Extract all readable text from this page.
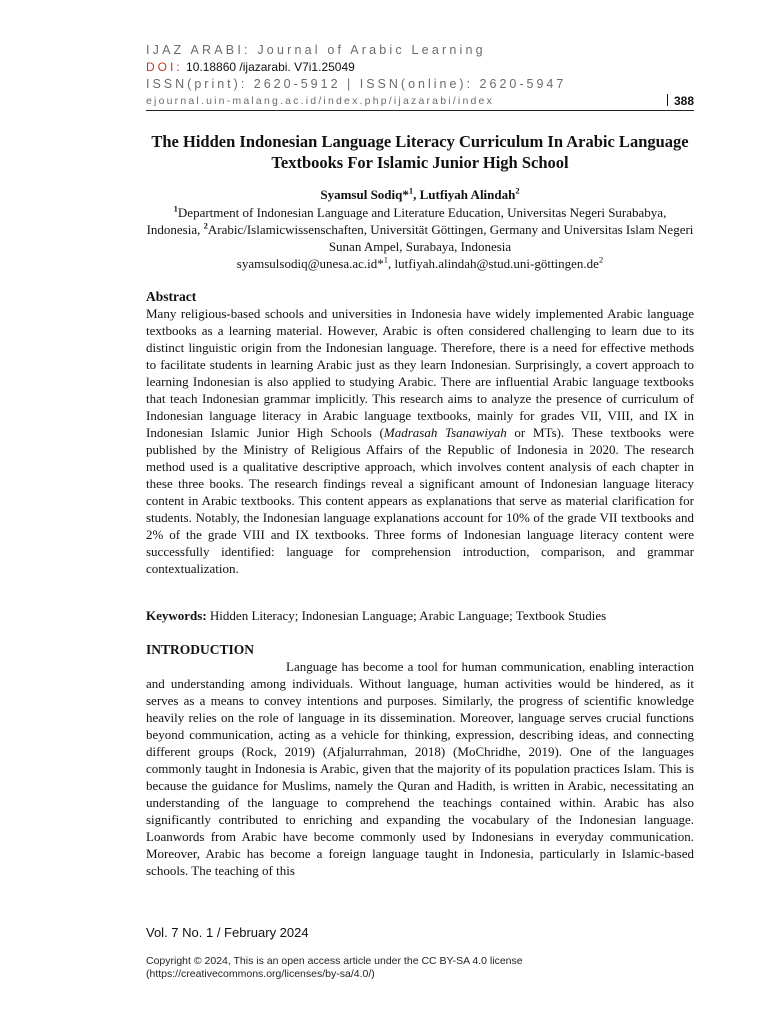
IJAZ ARABI: Journal of Arabic Learning
DOI: 10.18860 /ijazarabi. V7i1.25049
ISSN(print): 2620-5912 | ISSN(online): 2620-5947
ejournal.uin-malang.ac.id/index.php/ijazarabi/index	388
The Hidden Indonesian Language Literacy Curriculum In Arabic Language Textbooks For Islamic Junior High School
Syamsul Sodiq*$^1$, Lutfiyah Alindah$^2$
$^1$Department of Indonesian Language and Literature Education, Universitas Negeri Surababya, Indonesia, $^2$Arabic/Islamicwissenschaften, Universität Göttingen, Germany and Universitas Islam Negeri Sunan Ampel, Surabaya, Indonesia
syamsulsodiq@unesa.ac.id*$^1$, $lutfiyah.alindah@stud.uni-göttingen.de^2$
Abstract
Many religious-based schools and universities in Indonesia have widely implemented Arabic language textbooks as a learning material. However, Arabic is often considered challenging to learn due to its distinct linguistic origin from the Indonesian language. Therefore, there is a need for effective methods to facilitate students in learning Arabic just as they learn Indonesian. Surprisingly, a covert approach to learning Indonesian is also applied to studying Arabic. There are influential Arabic language textbooks that teach Indonesian grammar implicitly. This research aims to analyze the presence of curriculum of Indonesian language literacy in Arabic language textbooks, mainly for grades VII, VIII, and IX in Indonesian Islamic Junior High Schools (Madrasah Tsanawiyah or MTs). These textbooks were published by the Ministry of Religious Affairs of the Republic of Indonesia in 2020. The research method used is a qualitative descriptive approach, which involves content analysis of each chapter in these three books. The research findings reveal a significant amount of Indonesian language literacy content in Arabic textbooks. This content appears as explanations that serve as material clarification for students. Notably, the Indonesian language explanations account for 10% of the grade VII textbooks and 2% of the grade VIII and IX textbooks. Three forms of Indonesian language literacy content were successfully identified: language for comprehension introduction, comparison, and grammar contextualization.
Keywords: Hidden Literacy; Indonesian Language; Arabic Language; Textbook Studies
INTRODUCTION
Language has become a tool for human communication, enabling interaction and understanding among individuals. Without language, human activities would be hindered, as it serves as a means to convey intentions and purposes. Similarly, the progress of scientific knowledge heavily relies on the role of language in its dissemination. Moreover, language serves crucial functions beyond communication, acting as a vehicle for thinking, expression, describing ideas, and connecting different groups (Rock, 2019) (Afjalurrahman, 2018) (MoChridhe, 2019). One of the languages commonly taught in Indonesia is Arabic, given that the majority of its population practices Islam. This is because the guidance for Muslims, namely the Quran and Hadith, is written in Arabic, necessitating an understanding of the language to comprehend the teachings contained within. Arabic has also significantly contributed to enriching and expanding the vocabulary of the Indonesian language. Loanwords from Arabic have become commonly used by Indonesians in everyday communication. Moreover, Arabic has become a foreign language taught in Indonesia, particularly in Islamic-based schools. The teaching of this
Vol. 7 No. 1 / February 2024
Copyright © 2024, This is an open access article under the CC BY-SA 4.0 license
(https://creativecommons.org/licenses/by-sa/4.0/)
